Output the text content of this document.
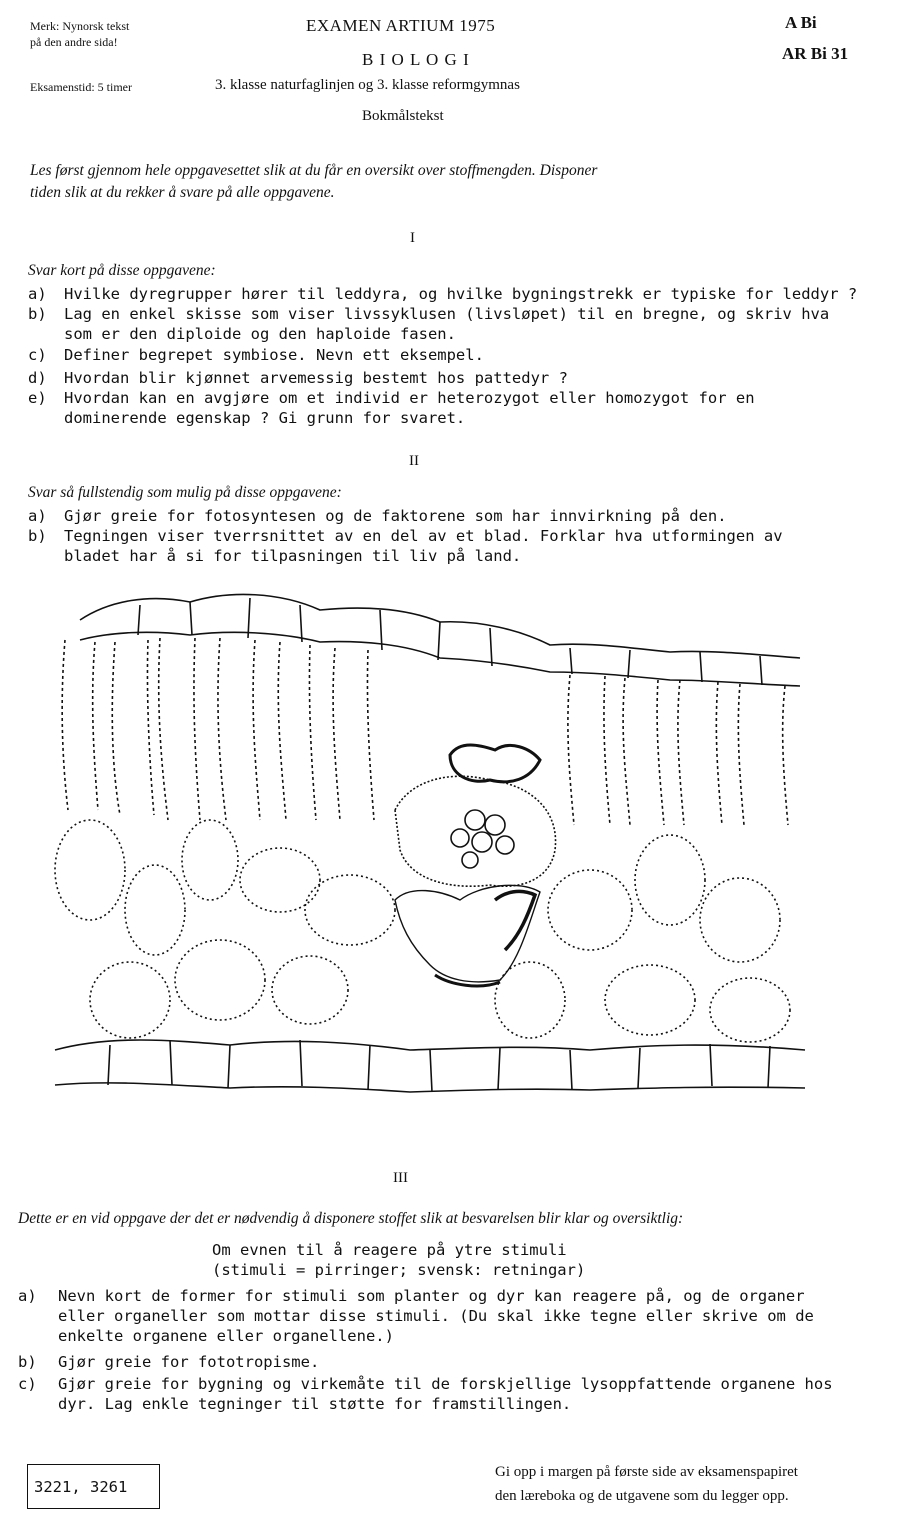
Merk: Nynorsk tekst
på den andre sida!
Eksamenstid: 5 timer
EXAMEN ARTIUM 1975
B I O L O G I
3. klasse naturfaglinjen og 3. klasse reformgymnas
Bokmålstekst
A Bi
AR Bi 31
Les først gjennom hele oppgavesettet slik at du får en oversikt over stoffmengden. Disponer
tiden slik at du rekker å svare på alle oppgavene.
I
Svar kort på disse oppgavene:
a) Hvilke dyregrupper hører til leddyra, og hvilke bygningstrekk er typiske for leddyr ?
b) Lag en enkel skisse som viser livssyklusen (livsløpet) til en bregne, og skriv hva
som er den diploide og den haploide fasen.
c) Definer begrepet symbiose. Nevn ett eksempel.
d) Hvordan blir kjønnet arvemessig bestemt hos pattedyr ?
e) Hvordan kan en avgjøre om et individ er heterozygot eller homozygot for en
dominerende egenskap ? Gi grunn for svaret.
II
Svar så fullstendig som mulig på disse oppgavene:
a) Gjør greie for fotosyntesen og de faktorene som har innvirkning på den.
b) Tegningen viser tverrsnittet av en del av et blad. Forklar hva utformingen av
bladet har å si for tilpasningen til liv på land.
III
Dette er en vid oppgave der det er nødvendig å disponere stoffet slik at besvarelsen blir klar og oversiktlig:
Om evnen til å reagere på ytre stimuli
(stimuli = pirringer; svensk: retningar)
a) Nevn kort de former for stimuli som planter og dyr kan reagere på, og de organer
eller organeller som mottar disse stimuli. (Du skal ikke tegne eller skrive om de
enkelte organene eller organellene.)
b) Gjør greie for fototropisme.
c) Gjør greie for bygning og virkemåte til de forskjellige lysoppfattende organene hos
dyr. Lag enkle tegninger til støtte for framstillingen.
3221, 3261
Gi opp i margen på første side av eksamenspapiret
den læreboka og de utgavene som du legger opp.
